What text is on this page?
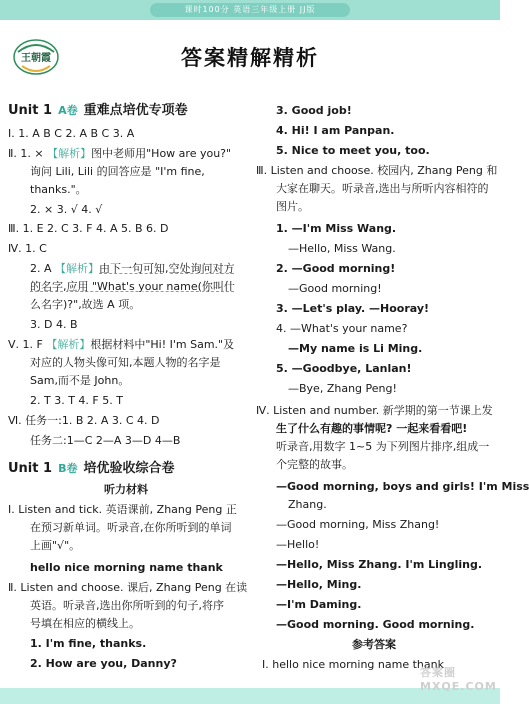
课时100分 英语三年级上册 JJ版
王朝霞	答案精解精析
Unit 1 A卷 重难点培优专项卷
Ⅰ. 1. A B C 2. A B C 3. A
Ⅱ. 1. × 【解析】图中老师用"How are you?"
询问 Lili, Lili 的回答应是 "I'm fine,
thanks."。
2. × 3. √ 4. √
Ⅲ. 1. E 2. C 3. F 4. A 5. B 6. D
Ⅳ. 1. C
2. A 【解析】由下一句可知,空处询问对方
的名字,应用 "What's your name(你叫什
么名字)?",故选 A 项。
3. D 4. B
Ⅴ. 1. F 【解析】根据材料中"Hi! I'm Sam."及
对应的人物头像可知,本题人物的名字是
Sam,而不是 John。
2. T 3. T 4. F 5. T
Ⅵ. 任务一:1. B 2. A 3. C 4. D
任务二:1—C 2—A 3—D 4—B
Unit 1 B卷 培优验收综合卷
听力材料
Ⅰ. Listen and tick. 英语课前, Zhang Peng 正
在预习新单词。听录音,在你所听到的单词
上画"√"。
hello nice morning name thank
Ⅱ. Listen and choose. 课后, Zhang Peng 在读
英语。听录音,选出你所听到的句子,将序
号填在相应的横线上。
1. I'm fine, thanks.
2. How are you, Danny?
3. Good job!
4. Hi! I am Panpan.
5. Nice to meet you, too.
Ⅲ. Listen and choose. 校园内, Zhang Peng 和
大家在聊天。听录音,选出与所听内容相符的
图片。
1. —I'm Miss Wang.
—Hello, Miss Wang.
2. —Good morning!
—Good morning!
3. —Let's play. —Hooray!
4. —What's your name?
—My name is Li Ming.
5. —Goodbye, Lanlan!
—Bye, Zhang Peng!
Ⅳ. Listen and number. 新学期的第一节课上发
生了什么有趣的事情呢? 一起来看看吧!
听录音,用数字 1~5 为下列图片排序,组成一
个完整的故事。
—Good morning, boys and girls! I'm Miss
Zhang.
—Good morning, Miss Zhang!
—Hello!
—Hello, Miss Zhang. I'm Lingling.
—Hello, Ming.
—I'm Daming.
—Good morning. Good morning.
参考答案
Ⅰ. hello nice morning name thank
答案圈 MXQE.COM
